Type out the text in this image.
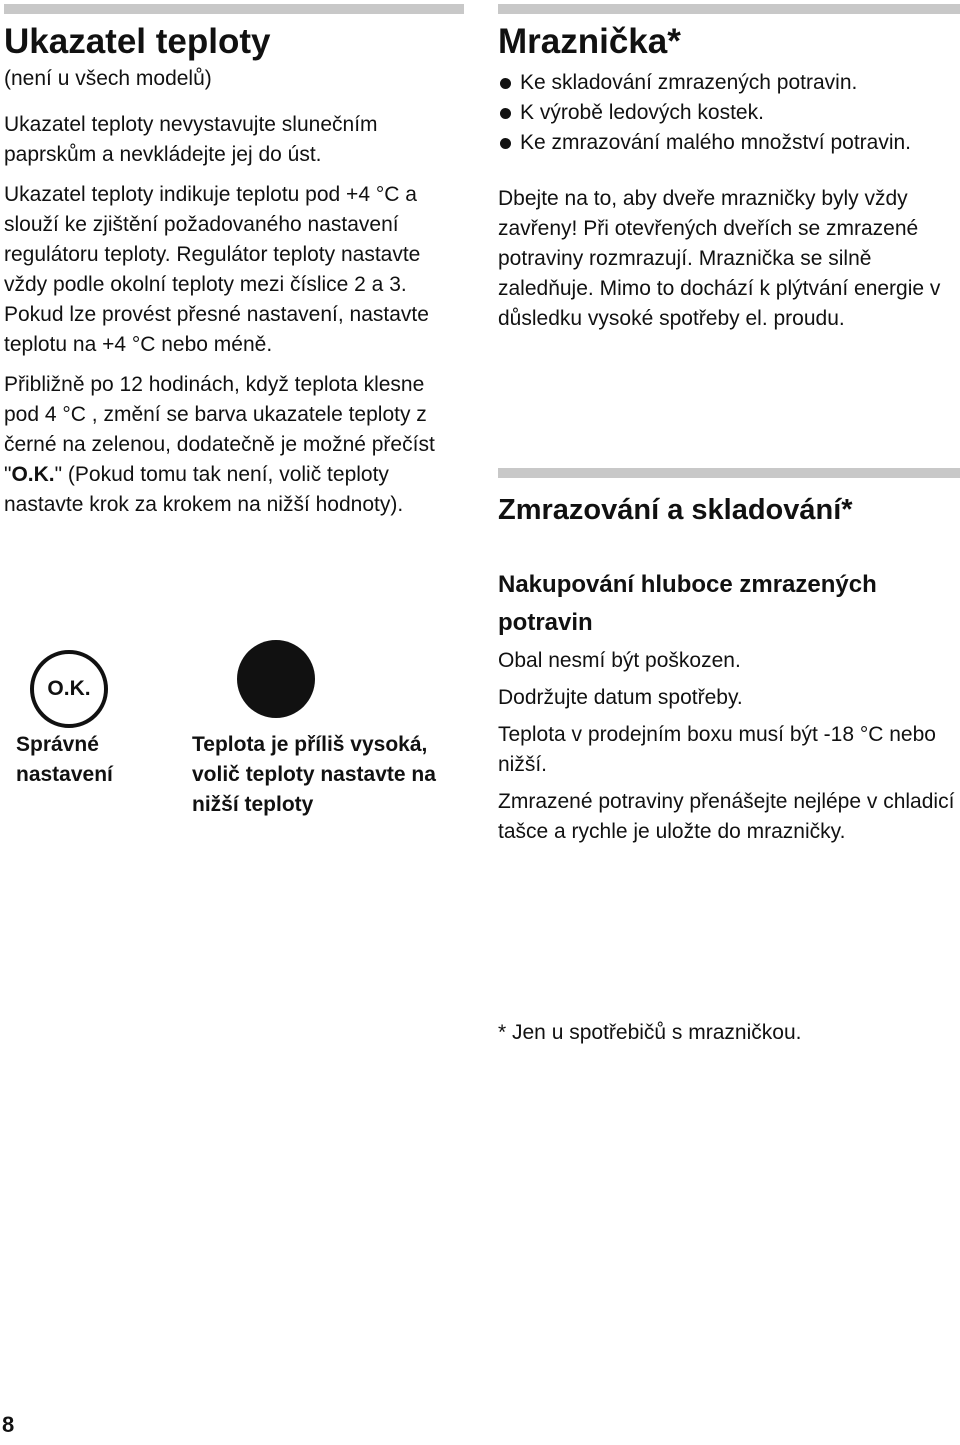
Ukazatel teploty

(není u všech modelů)

Ukazatel teploty nevystavujte slunečním paprskům a nevkládejte jej do úst.

Ukazatel teploty indikuje teplotu pod +4 °C a slouží ke zjištění požadovaného nastavení regulátoru teploty. Regulátor teploty nastavte vždy podle okolní teploty mezi číslice 2 a 3. Pokud lze provést přesné nastavení, nastavte teplotu na +4 °C nebo méně.

Přibližně po 12 hodinách, když teplota klesne pod 4 °C , změní se barva ukazatele teploty z černé na zelenou, dodatečně je možné přečíst "O.K." (Pokud tomu tak není, volič teploty nastavte krok za krokem na nižší hodnoty).

O.K.

Správné nastavení

Teplota je příliš vysoká, volič teploty nastavte na nižší teploty

Mraznička*
Ke skladování zmrazených potravin.
K výrobě ledových kostek.
Ke zmrazování malého množství potravin.

Dbejte na to, aby dveře mrazničky byly vždy zavřeny! Při otevřených dveřích se zmrazené potraviny rozmrazují. Mraznička se silně zaledňuje. Mimo to dochází k plýtvání energie v důsledku vysoké spotřeby el. proudu.

Zmrazování a skladování*
Nakupování hluboce zmrazených potravin

Obal nesmí být poškozen.

Dodržujte datum spotřeby.

Teplota v prodejním boxu musí být -18 °C nebo nižší.

Zmrazené potraviny přenášejte nejlépe v chladicí tašce a rychle je uložte do mrazničky.

* Jen u spotřebičů s mrazničkou.

8
